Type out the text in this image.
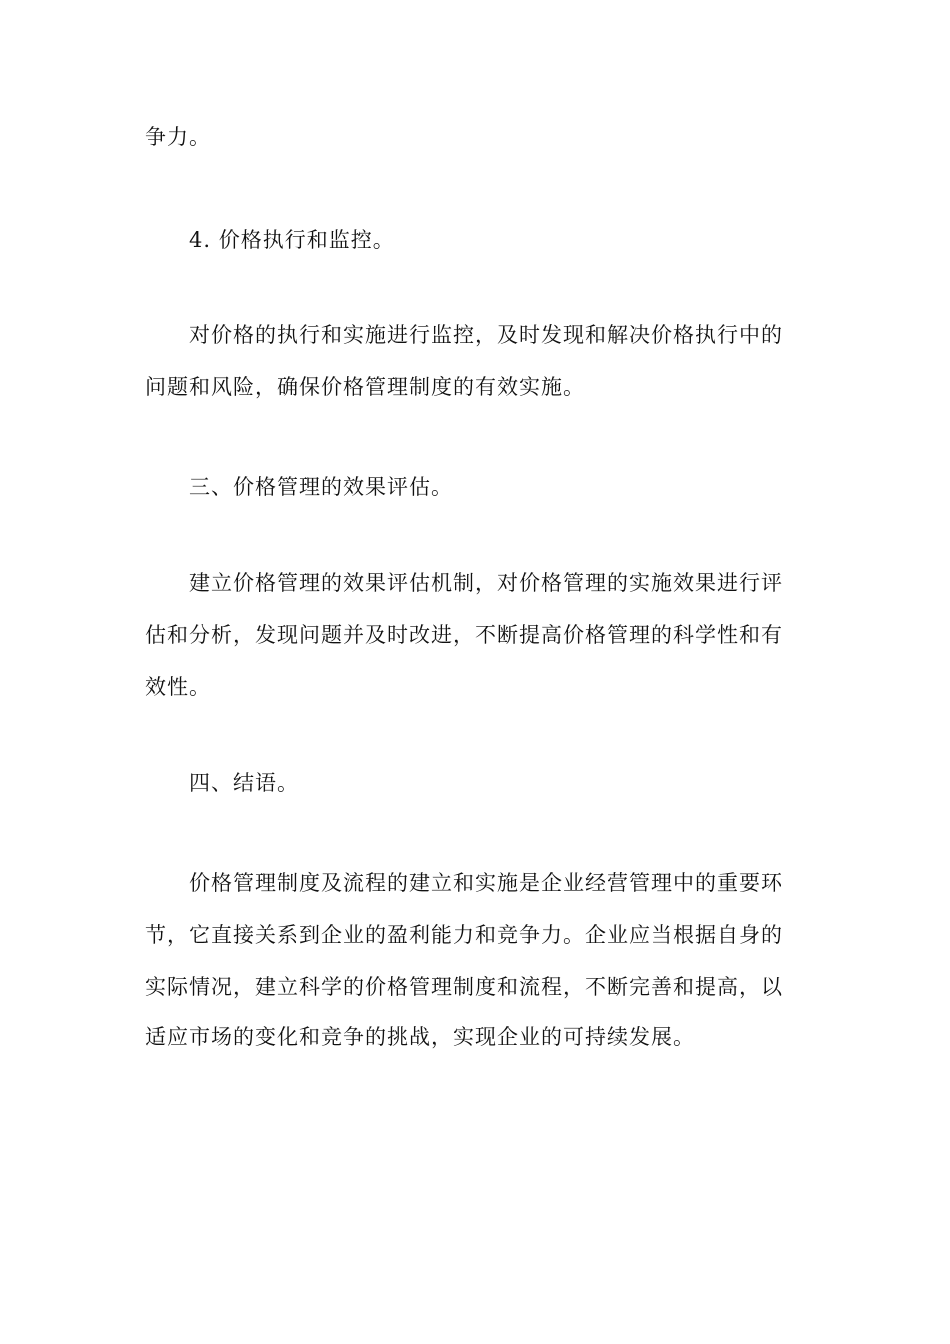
争力。
4. 价格执行和监控。
对价格的执行和实施进行监控，及时发现和解决价格执行中的
问题和风险，确保价格管理制度的有效实施。
三、价格管理的效果评估。
建立价格管理的效果评估机制，对价格管理的实施效果进行评
估和分析，发现问题并及时改进，不断提高价格管理的科学性和有
效性。
四、结语。
价格管理制度及流程的建立和实施是企业经营管理中的重要环
节，它直接关系到企业的盈利能力和竞争力。企业应当根据自身的
实际情况，建立科学的价格管理制度和流程，不断完善和提高，以
适应市场的变化和竞争的挑战，实现企业的可持续发展。
